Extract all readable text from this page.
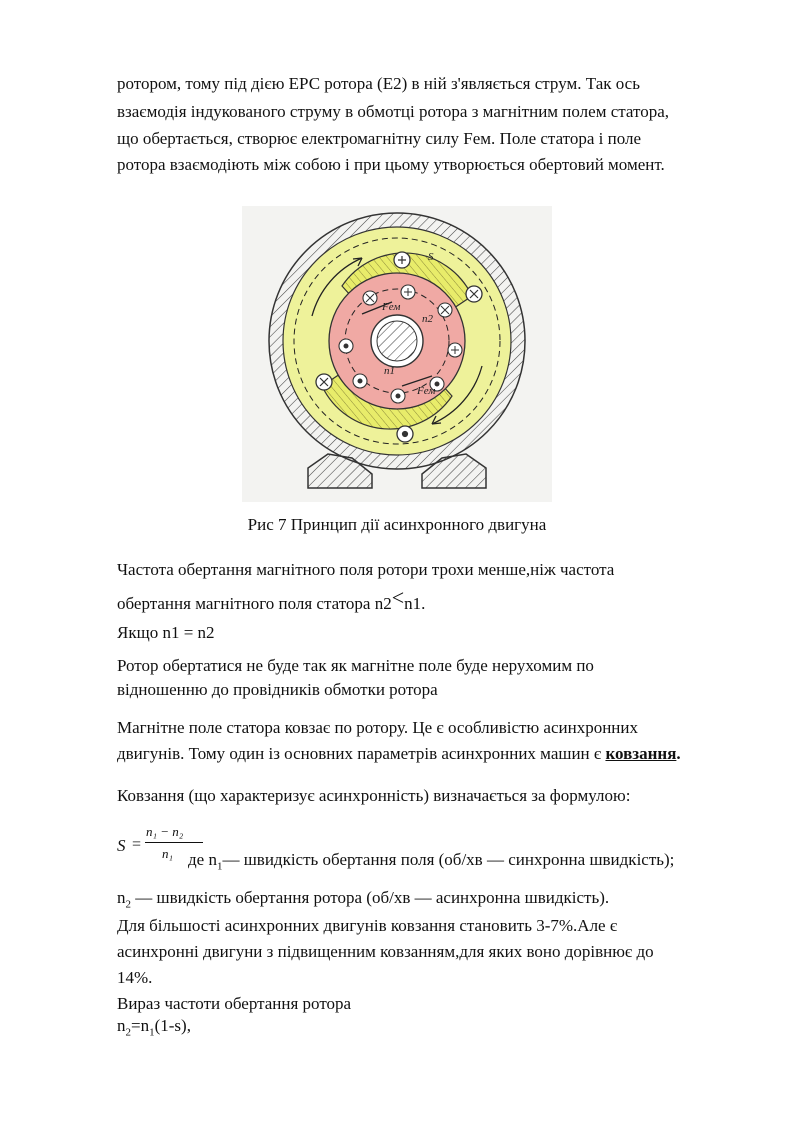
ротором, тому під дією ЕРС ротора (Е2) в ній з'являється струм. Так ось
взаємодія індукованого струму в обмотці ротора з магнітним полем статора,
що обертається, створює електромагнітну силу Fем. Поле статора і поле
ротора взаємодіють між собою і при цьому утворюється обертовий момент.
Fем
Fем
n2
n1
S
Рис 7 Принцип дії асинхронного двигуна
Частота обертання магнітного поля ротори трохи менше,ніж частота
обертання магнітного поля статора n2<n1.
Якщо n1 = n2
Ротор обертатися не буде так як магнітне поле буде нерухомим по
відношенню до провідників обмотки ротора
Магнітне поле статора ковзає по ротору. Це є особливістю асинхронних
двигунів. Тому один із основних параметрів асинхронних машин є ковзання.
Ковзання (що характеризує асинхронність) визначається за формулою:
S =
n₁ − n₂
n₁ де $n_1—$ швидкість обертання поля (об/хв — синхронна швидкість);
$n_2$ — швидкість обертання ротора (об/хв — асинхронна швидкість).
Для більшості асинхронних двигунів ковзання становить 3-7%.Але є
асинхронні двигуни з підвищенним ковзанням,для яких воно дорівнює до
14%.
Вираз частоти обертання ротора
$n_2=n_1(1-s)$,
